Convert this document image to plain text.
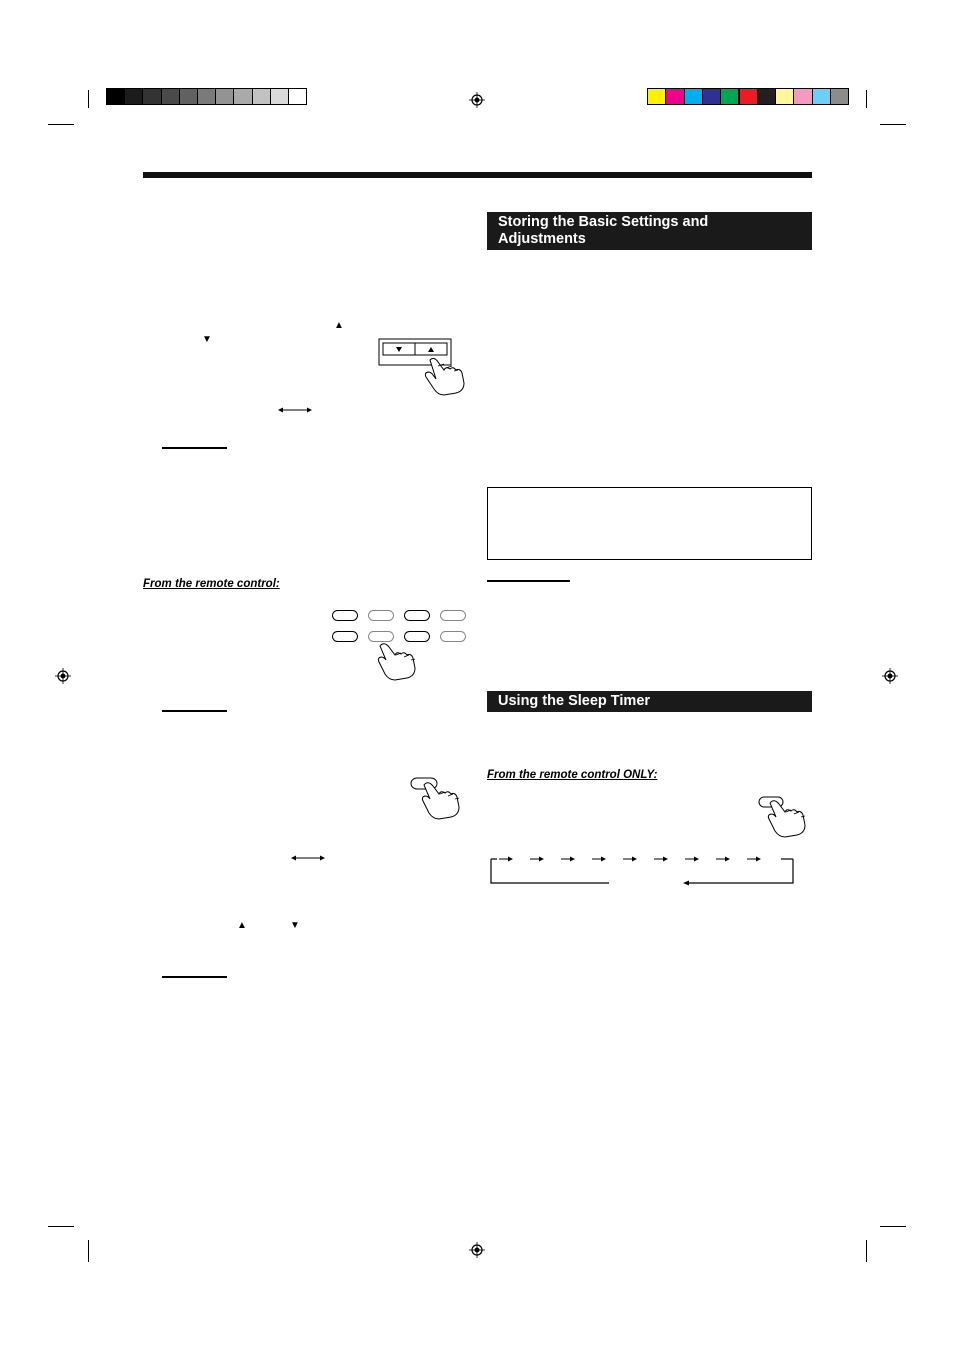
▲
▼
From the remote control:
▲	▼
Storing the Basic Settings and
Adjustments
Using the Sleep Timer
From the remote control ONLY:
